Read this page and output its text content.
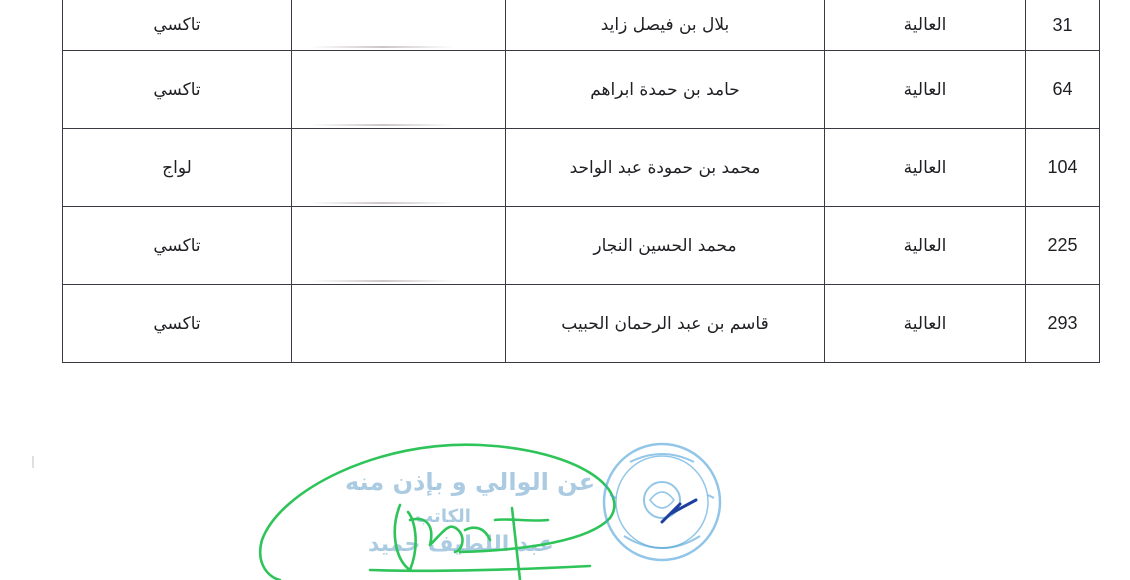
31	العالية	بلال بن فيصل زايد		تاكسي
64	العالية	حامد بن حمدة ابراهم		تاكسي
104	العالية	محمد بن حمودة عبد الواحد		لواج
225	العالية	محمد الحسين النجار		تاكسي
293	العالية	قاسم بن عبد الرحمان الحبيب		تاكسي
عن الوالي و بإذن منه
الكاتب
عبد اللطيف حميد
